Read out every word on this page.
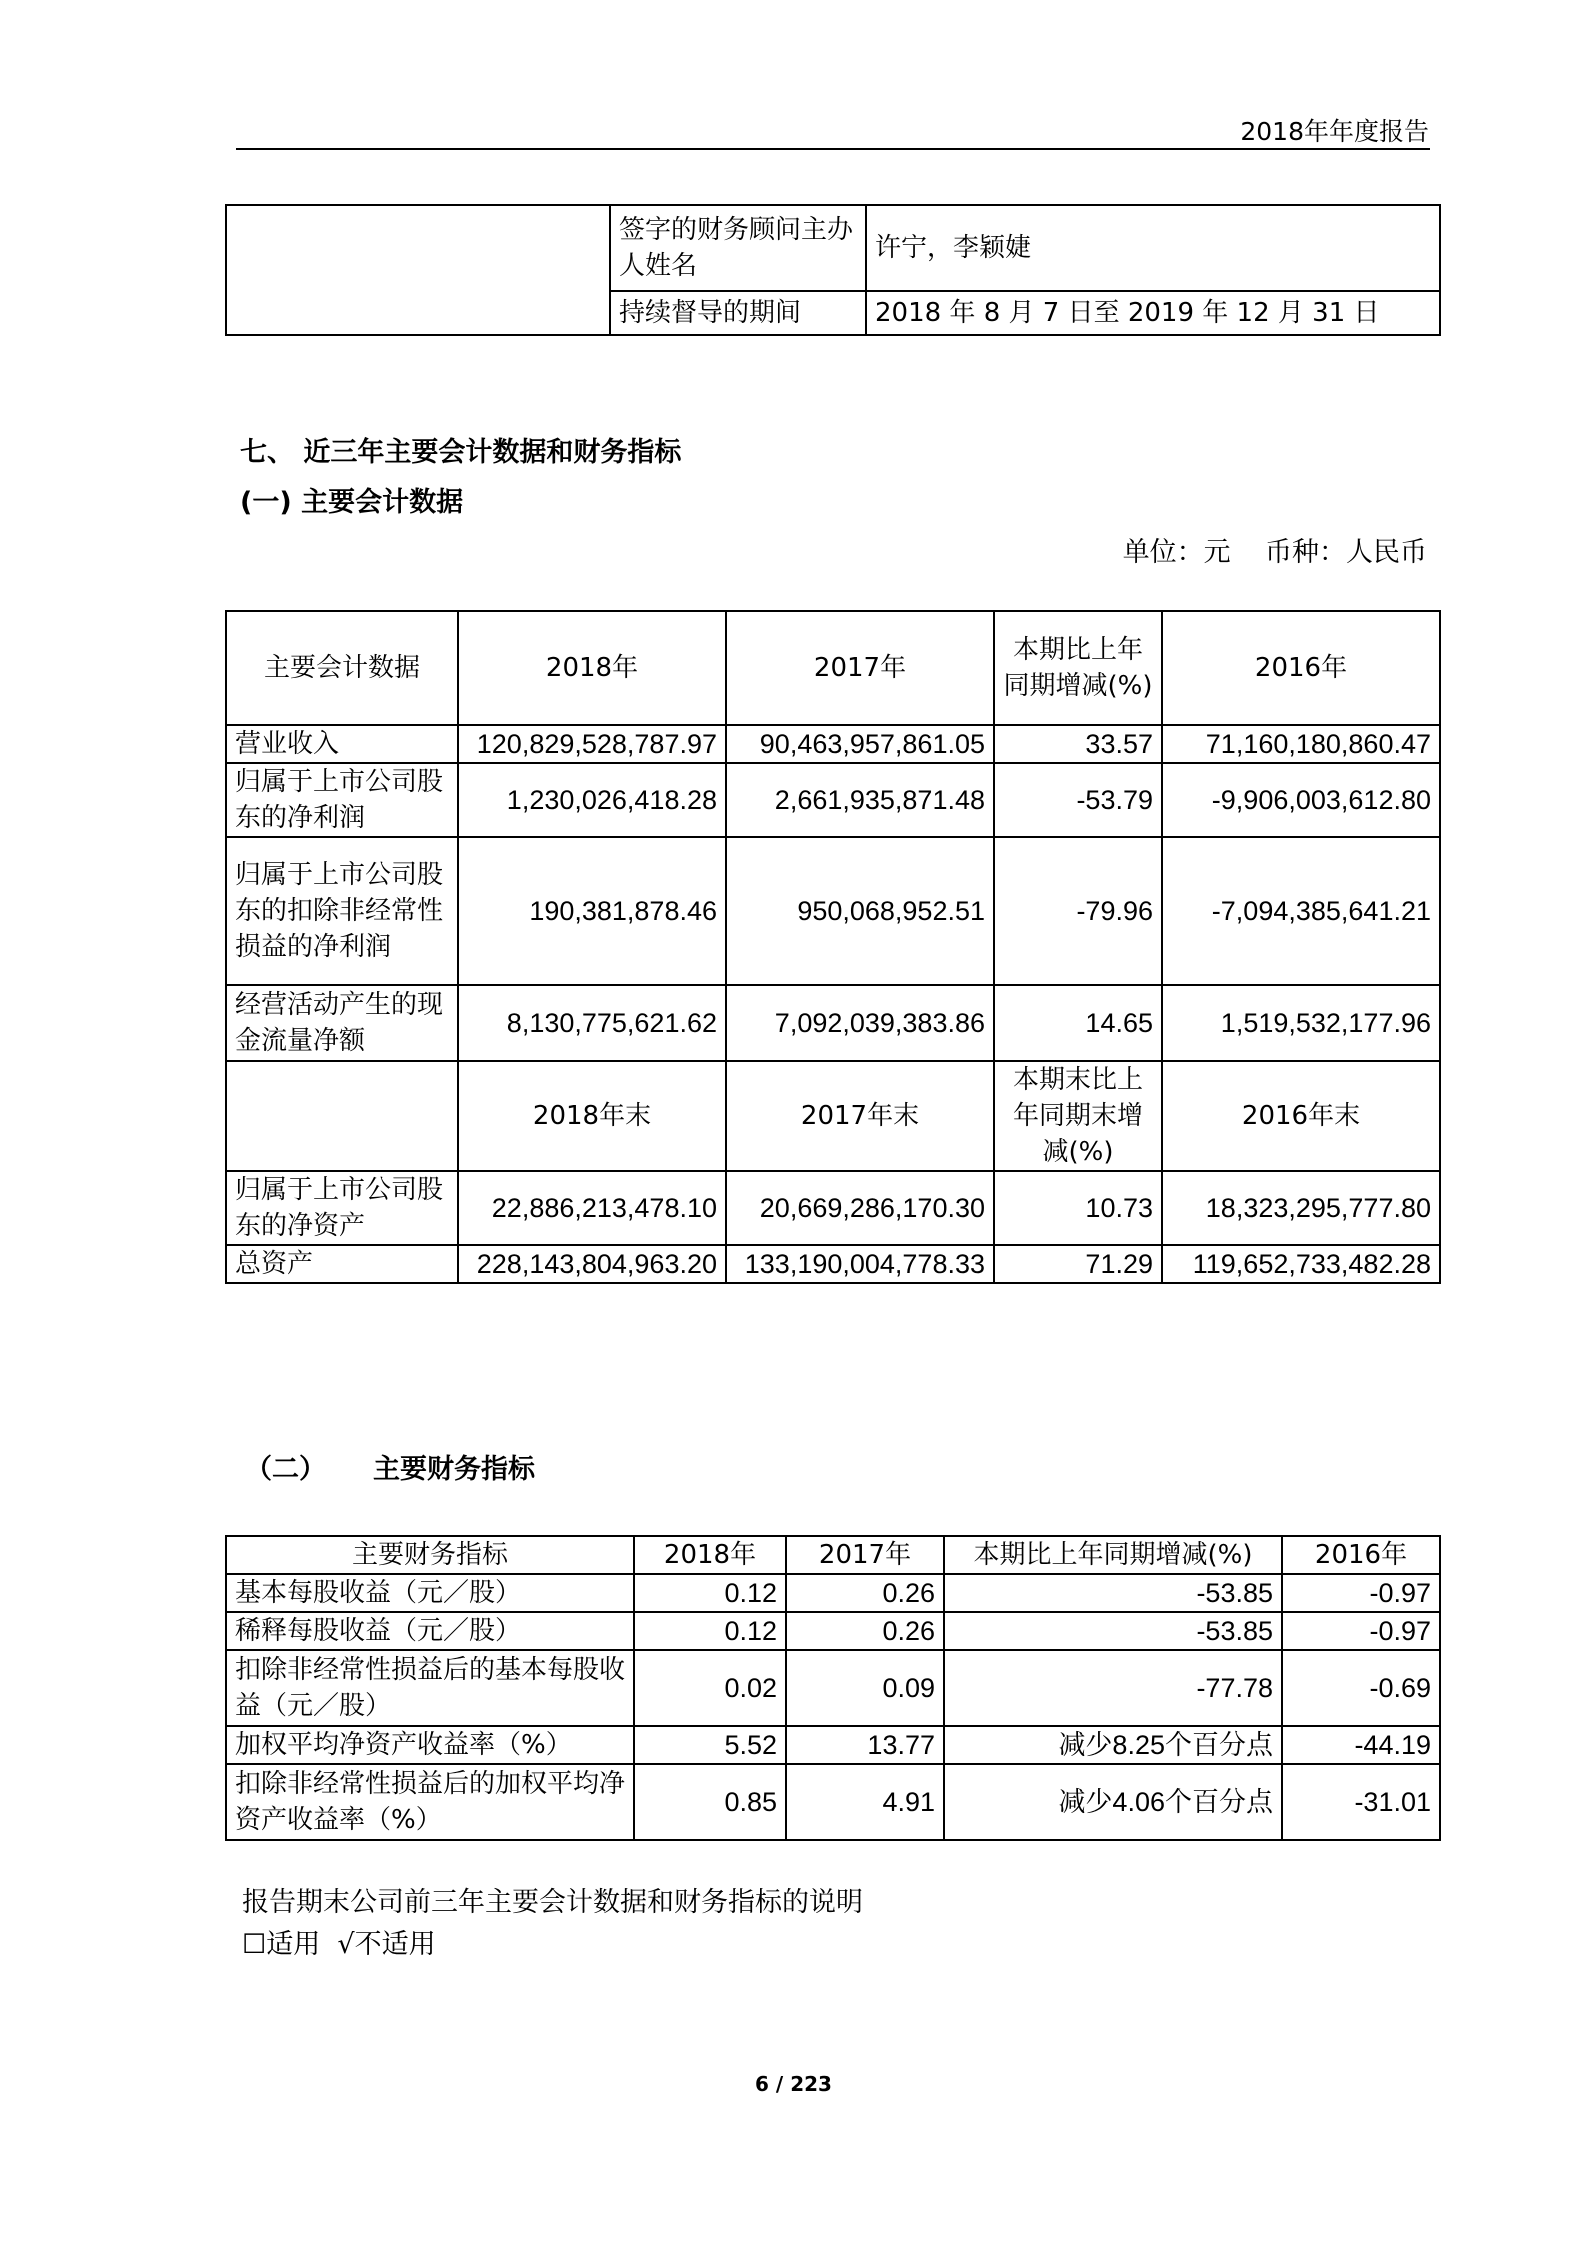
2018年年度报告
	签字的财务顾问主办人姓名	许宁，李颖婕
	持续督导的期间	2018 年 8 月 7 日至 2019 年 12 月 31 日
七、 近三年主要会计数据和财务指标
(一) 主要会计数据
单位：元    币种：人民币
主要会计数据	2018年	2017年	本期比上年同期增减(%)	2016年
营业收入	120,829,528,787.97	90,463,957,861.05	33.57	71,160,180,860.47
归属于上市公司股东的净利润	1,230,026,418.28	2,661,935,871.48	-53.79	-9,906,003,612.80
归属于上市公司股东的扣除非经常性损益的净利润	190,381,878.46	950,068,952.51	-79.96	-7,094,385,641.21
经营活动产生的现金流量净额	8,130,775,621.62	7,092,039,383.86	14.65	1,519,532,177.96
	2018年末	2017年末	本期末比上年同期末增减(%)	2016年末
归属于上市公司股东的净资产	22,886,213,478.10	20,669,286,170.30	10.73	18,323,295,777.80
总资产	228,143,804,963.20	133,190,004,778.33	71.29	119,652,733,482.28
（二）     主要财务指标
主要财务指标	2018年	2017年	本期比上年同期增减(%)	2016年
基本每股收益（元／股）	0.12	0.26	-53.85	-0.97
稀释每股收益（元／股）	0.12	0.26	-53.85	-0.97
扣除非经常性损益后的基本每股收益（元／股）	0.02	0.09	-77.78	-0.69
加权平均净资产收益率（%）	5.52	13.77	减少8.25个百分点	-44.19
扣除非经常性损益后的加权平均净资产收益率（%）	0.85	4.91	减少4.06个百分点	-31.01
报告期末公司前三年主要会计数据和财务指标的说明
☐适用  √不适用
6 / 223
